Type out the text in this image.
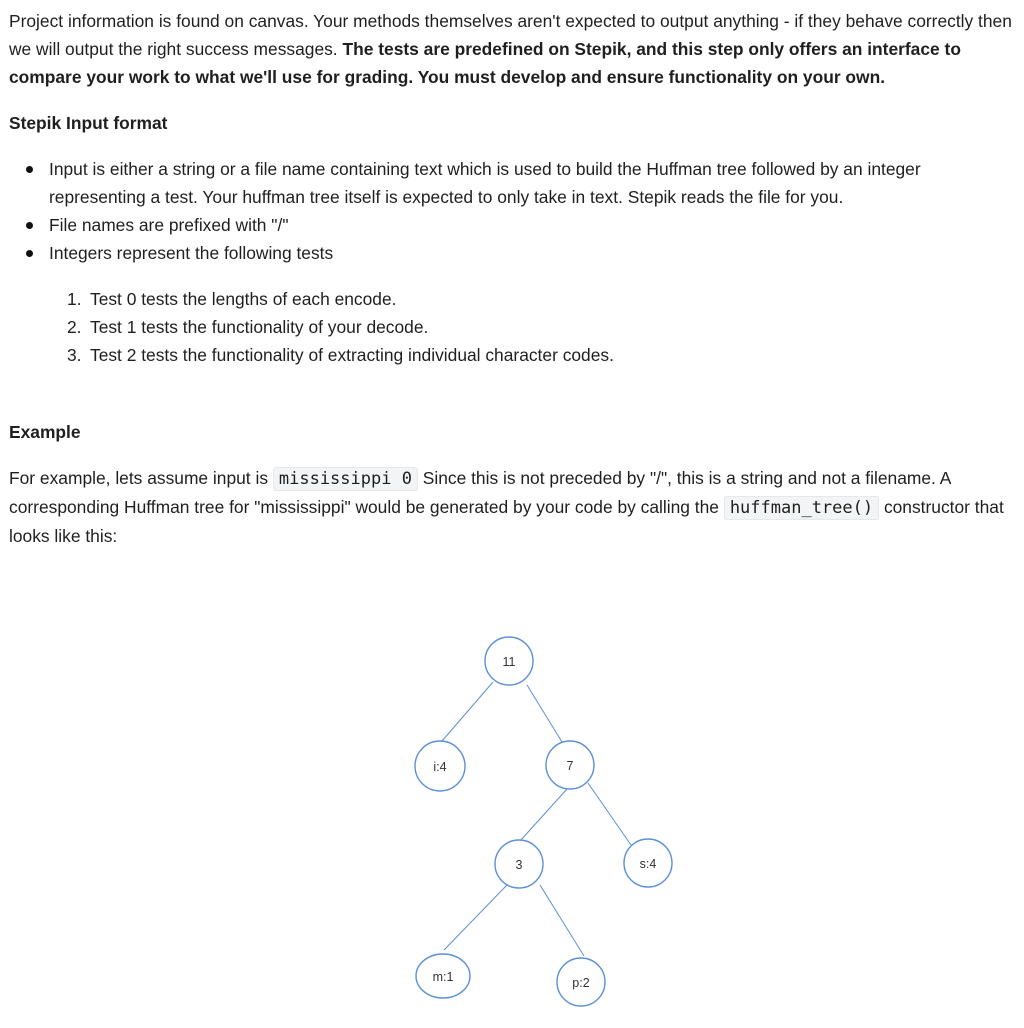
Project information is found on canvas. Your methods themselves aren't expected to output anything - if they behave correctly then we will output the right success messages. The tests are predefined on Stepik, and this step only offers an interface to compare your work to what we'll use for grading. You must develop and ensure functionality on your own.

Stepik Input format
Input is either a string or a file name containing text which is used to build the Huffman tree followed by an integer representing a test. Your huffman tree itself is expected to only take in text. Stepik reads the file for you.
File names are prefixed with "/"
Integers represent the following tests
1. Test 0 tests the lengths of each encode.
2. Test 1 tests the functionality of your decode.
3. Test 2 tests the functionality of extracting individual character codes.
Example

For example, lets assume input is mississippi 0 Since this is not preceded by "/", this is a string and not a filename. A corresponding Huffman tree for "mississippi" would be generated by your code by calling the huffman_tree() constructor that looks like this:

11
i:4	7
3	s:4
m:1	p:2
